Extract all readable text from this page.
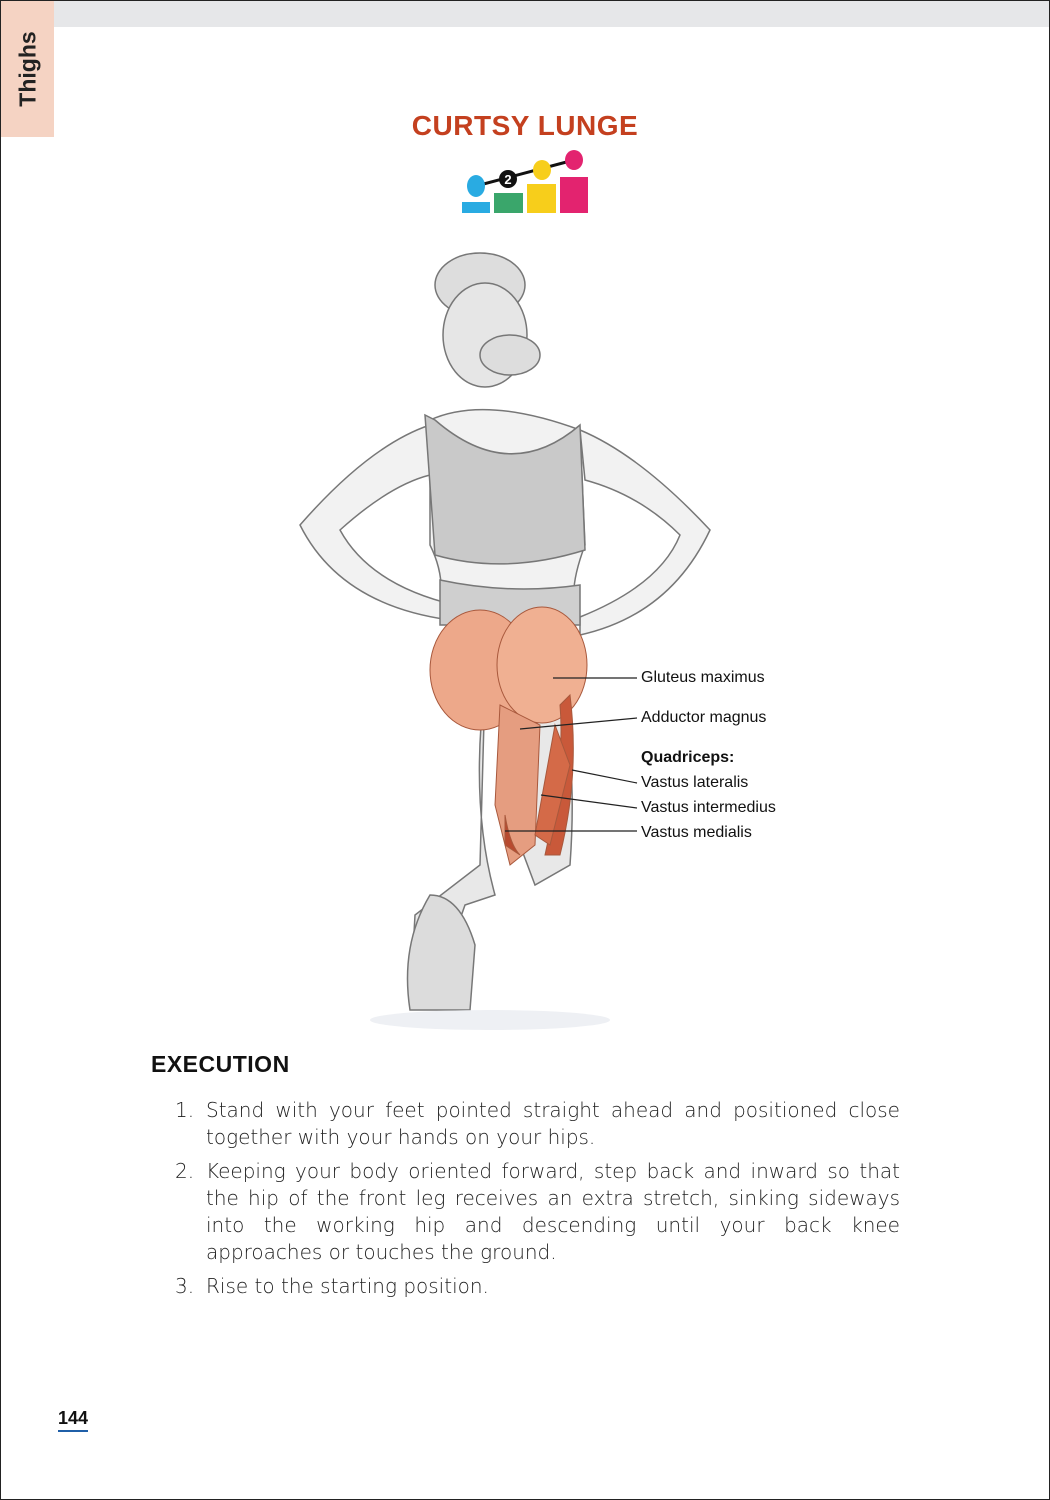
Thighs
CURTSY LUNGE
2
Gluteus maximus
Adductor magnus
Quadriceps:
Vastus lateralis
Vastus intermedius
Vastus medialis
EXECUTION
1. Stand with your feet pointed straight ahead and positioned close together with your hands on your hips.
2. Keeping your body oriented forward, step back and inward so that the hip of the front leg receives an extra stretch, sinking sideways into the working hip and descending until your back knee approaches or touches the ground.
3. Rise to the starting position.
144
